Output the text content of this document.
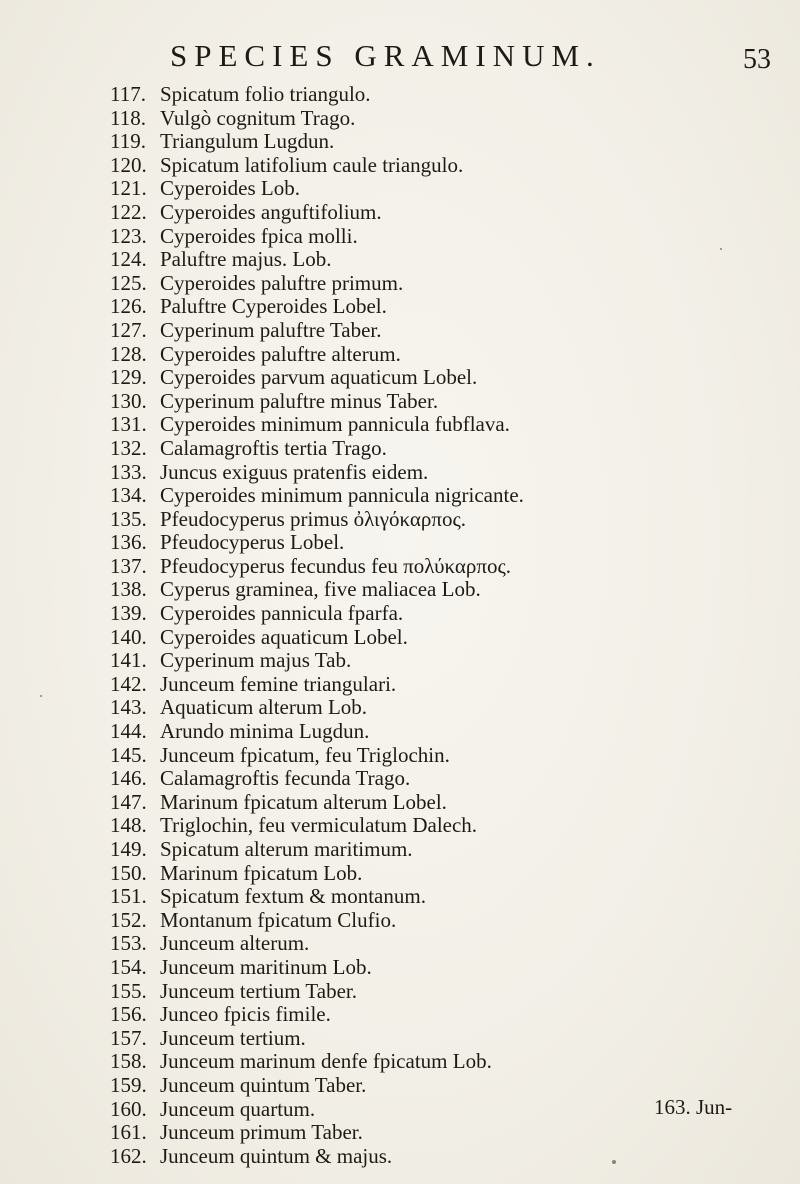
SPECIES GRAMINUM.	53
117. Spicatum folio triangulo.
118. Vulgò cognitum Trago.
119. Triangulum Lugdun.
120. Spicatum latifolium caule triangulo.
121. Cyperoides Lob.
122. Cyperoides anguftifolium.
123. Cyperoides fpica molli.
124. Paluftre majus. Lob.
125. Cyperoides paluftre primum.
126. Paluftre Cyperoides Lobel.
127. Cyperinum paluftre Taber.
128. Cyperoides paluftre alterum.
129. Cyperoides parvum aquaticum Lobel.
130. Cyperinum paluftre minus Taber.
131. Cyperoides minimum pannicula fubflava.
132. Calamagroftis tertia Trago.
133. Juncus exiguus pratenfis eidem.
134. Cyperoides minimum pannicula nigricante.
135. Pfeudocyperus primus ὀλιγόκαρπος.
136. Pfeudocyperus Lobel.
137. Pfeudocyperus fecundus feu πολύκαρπος.
138. Cyperus graminea, five maliacea Lob.
139. Cyperoides pannicula fparfa.
140. Cyperoides aquaticum Lobel.
141. Cyperinum majus Tab.
142. Junceum femine triangulari.
143. Aquaticum alterum Lob.
144. Arundo minima Lugdun.
145. Junceum fpicatum, feu Triglochin.
146. Calamagroftis fecunda Trago.
147. Marinum fpicatum alterum Lobel.
148. Triglochin, feu vermiculatum Dalech.
149. Spicatum alterum maritimum.
150. Marinum fpicatum Lob.
151. Spicatum fextum & montanum.
152. Montanum fpicatum Clufio.
153. Junceum alterum.
154. Junceum maritinum Lob.
155. Junceum tertium Taber.
156. Junceo fpicis fimile.
157. Junceum tertium.
158. Junceum marinum denfe fpicatum Lob.
159. Junceum quintum Taber.
160. Junceum quartum.
161. Junceum primum Taber.
162. Junceum quintum & majus.
163. Jun-
